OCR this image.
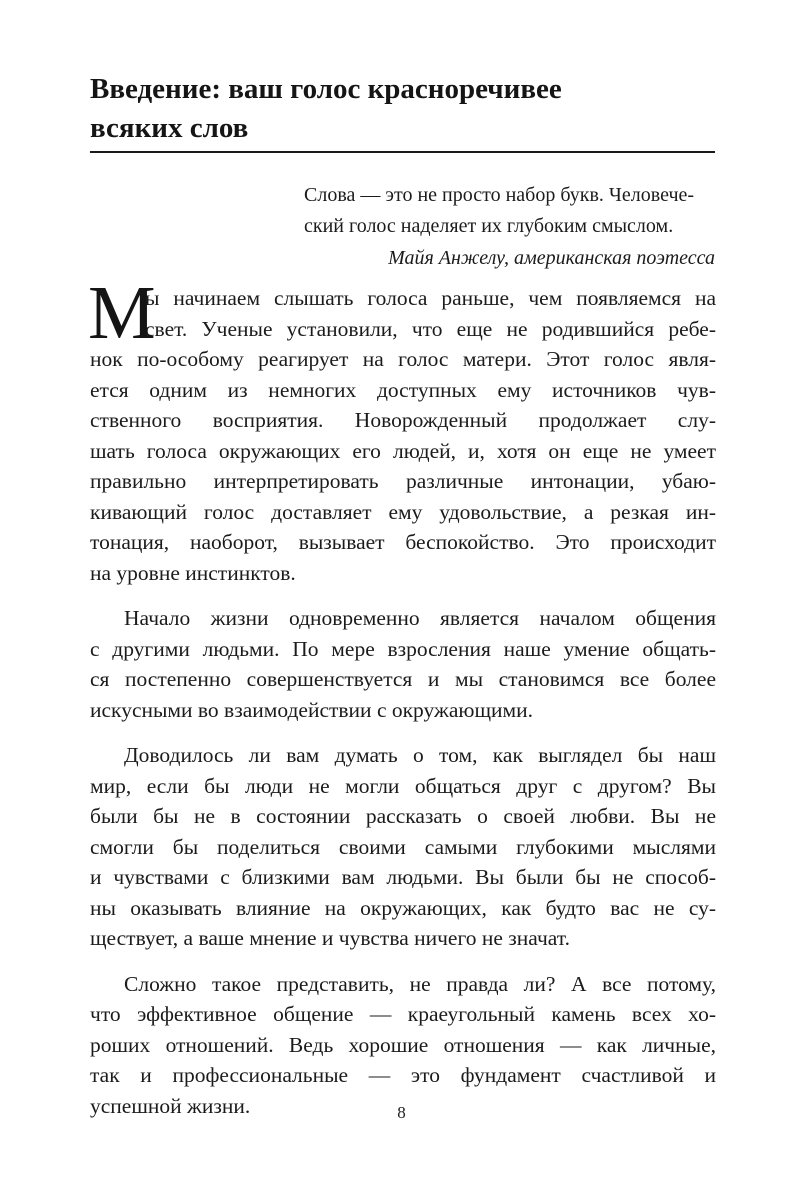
Введение: ваш голос красноречивее
всяких слов
Слова — это не просто набор букв. Человече-
ский голос наделяет их глубоким смыслом.
Майя Анжелу, американская поэтесса
М
ы начинаем слышать голоса раньше, чем появляемся на
свет. Ученые установили, что еще не родившийся ребе-
нок по-особому реагирует на голос матери. Этот голос явля-
ется одним из немногих доступных ему источников чув-
ственного восприятия. Новорожденный продолжает слу-
шать голоса окружающих его людей, и, хотя он еще не умеет
правильно интерпретировать различные интонации, убаю-
кивающий голос доставляет ему удовольствие, а резкая ин-
тонация, наоборот, вызывает беспокойство. Это происходит
на уровне инстинктов.
Начало жизни одновременно является началом общения
с другими людьми. По мере взросления наше умение общать-
ся постепенно совершенствуется и мы становимся все более
искусными во взаимодействии с окружающими.
Доводилось ли вам думать о том, как выглядел бы наш
мир, если бы люди не могли общаться друг с другом? Вы
были бы не в состоянии рассказать о своей любви. Вы не
смогли бы поделиться своими самыми глубокими мыслями
и чувствами с близкими вам людьми. Вы были бы не способ-
ны оказывать влияние на окружающих, как будто вас не су-
ществует, а ваше мнение и чувства ничего не значат.
Сложно такое представить, не правда ли? А все потому,
что эффективное общение — краеугольный камень всех хо-
роших отношений. Ведь хорошие отношения — как личные,
так и профессиональные — это фундамент счастливой и
успешной жизни.	8
